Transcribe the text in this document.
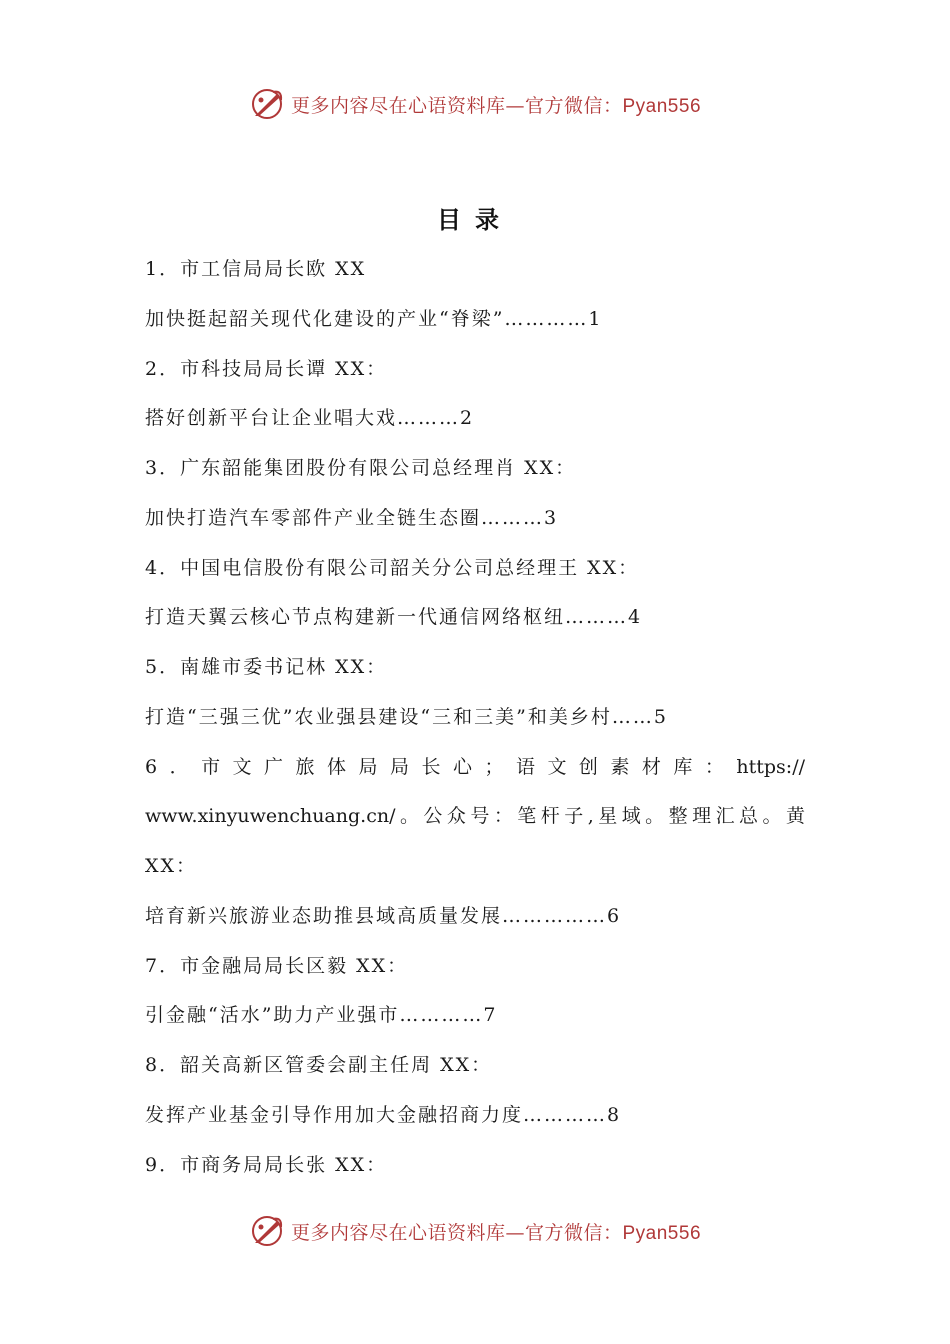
更多内容尽在心语资料库—官方微信：Pyan556
目录
1．市工信局局长欧 XX
加快挺起韶关现代化建设的产业“脊梁”…………1
2．市科技局局长谭 XX：
搭好创新平台让企业唱大戏………2
3．广东韶能集团股份有限公司总经理肖 XX：
加快打造汽车零部件产业全链生态圈………3
4．中国电信股份有限公司韶关分公司总经理王 XX：
打造天翼云核心节点构建新一代通信网络枢纽………4
5．南雄市委书记林 XX：
打造“三强三优”农业强县建设“三和三美”和美乡村……5
6．市文广旅体局局长心；语文创素材库：https://
www.xinyuwenchuang.cn/。公众号：笔杆子,星域。整理汇总。黄
XX：
培育新兴旅游业态助推县域高质量发展……………6
7．市金融局局长区毅 XX：
引金融“活水”助力产业强市…………7
8．韶关高新区管委会副主任周 XX：
发挥产业基金引导作用加大金融招商力度…………8
9．市商务局局长张 XX：
更多内容尽在心语资料库—官方微信：Pyan556
